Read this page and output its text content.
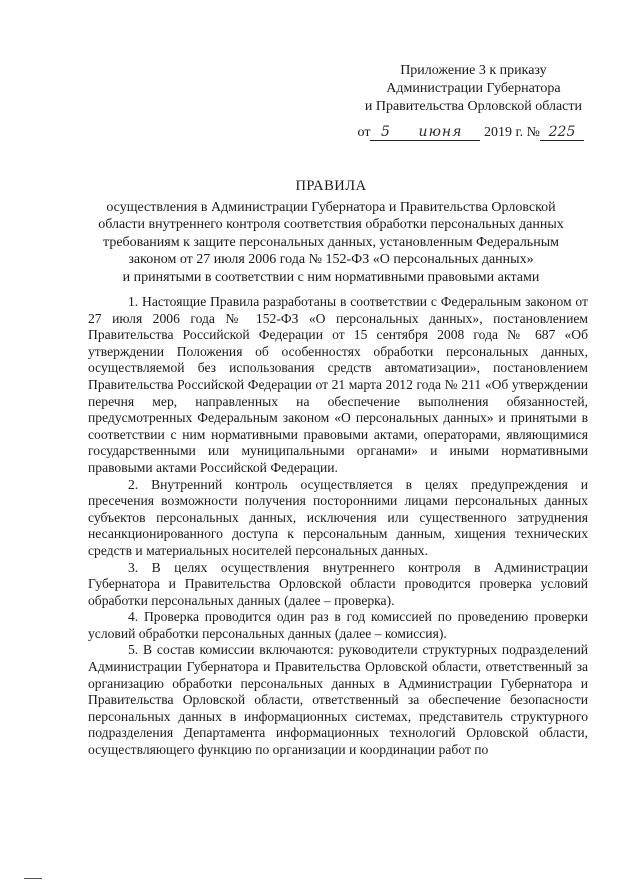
Приложение 3 к приказу
Администрации Губернатора
и Правительства Орловской области
от 5 июня 2019 г. № 225
ПРАВИЛА
осуществления в Администрации Губернатора и Правительства Орловской
области внутреннего контроля соответствия обработки персональных данных
требованиям к защите персональных данных, установленным Федеральным
законом от 27 июля 2006 года № 152-ФЗ «О персональных данных»
и принятыми в соответствии с ним нормативными правовыми актами

1. Настоящие Правила разработаны в соответствии с Федеральным законом от 27 июля 2006 года № 152-ФЗ «О персональных данных», постановлением Правительства Российской Федерации от 15 сентября 2008 года № 687 «Об утверждении Положения об особенностях обработки персональных данных, осуществляемой без использования средств автоматизации», постановлением Правительства Российской Федерации от 21 марта 2012 года № 211 «Об утверждении перечня мер, направленных на обеспечение выполнения обязанностей, предусмотренных Федеральным законом «О персональных данных» и принятыми в соответствии с ним нормативными правовыми актами, операторами, являющимися государственными или муниципальными органами» и иными нормативными правовыми актами Российской Федерации.

2. Внутренний контроль осуществляется в целях предупреждения и пресечения возможности получения посторонними лицами персональных данных субъектов персональных данных, исключения или существенного затруднения несанкционированного доступа к персональным данным, хищения технических средств и материальных носителей персональных данных.

3. В целях осуществления внутреннего контроля в Администрации Губернатора и Правительства Орловской области проводится проверка условий обработки персональных данных (далее – проверка).

4. Проверка проводится один раз в год комиссией по проведению проверки условий обработки персональных данных (далее – комиссия).

5. В состав комиссии включаются: руководители структурных подразделений Администрации Губернатора и Правительства Орловской области, ответственный за организацию обработки персональных данных в Администрации Губернатора и Правительства Орловской области, ответственный за обеспечение безопасности персональных данных в информационных системах, представитель структурного подразделения Департамента информационных технологий Орловской области, осуществляющего функцию по организации и координации работ по
